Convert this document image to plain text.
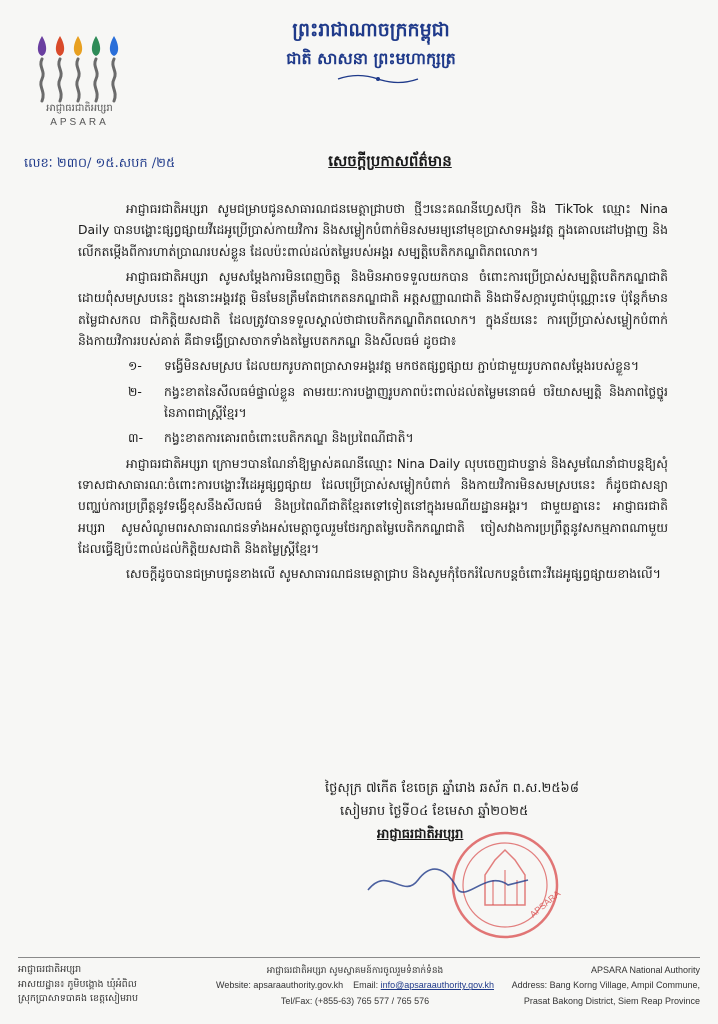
អាជ្ញាធរជាតិអប្សរា
APSARA
ព្រះរាជាណាចក្រកម្ពុជា
ជាតិ សាសនា ព្រះមហាក្សត្រ
លេខៈ ២៣០/ ១៥.សបក /២៥	សេចក្តីប្រកាសព័ត៌មាន

អាជ្ញាធរជាតិអប្សរា សូមជម្រាបជូនសាធារណជនមេត្តាជ្រាបថា ថ្មីៗនេះគណនីហ្វេសប៊ុក និង TikTok ឈ្មោះ Nina Daily បានបង្ហោះផ្សព្វផ្សាយវីដេអូប្រើប្រាស់កាយវិការ និងសម្លៀកបំពាក់មិនសមរម្យនៅមុខប្រាសាទអង្គរវត្ត ក្នុងគោលដៅបង្អាញ និងលើកតម្កើងពីការហាត់ប្រាណរបស់ខ្លួន ដែលប៉ះពាល់ដល់តម្លៃរបស់អង្គរ សម្បត្តិបេតិកភណ្ឌពិភពលោក។

អាជ្ញាធរជាតិអប្សរា សូមសម្តែងការមិនពេញចិត្ត និងមិនអាចទទួលយកបាន ចំពោះការប្រើប្រាស់សម្បត្តិបេតិកភណ្ឌជាតិដោយពុំសមស្របនេះ ក្នុងនោះអង្គរវត្ត មិនមែនត្រឹមតែជាកេតនភណ្ឌជាតិ អត្តសញ្ញាណជាតិ និងជាទីសក្ការបូជាប៉ុណ្ណោះទេ ប៉ុន្តែក៏មានតម្លៃជាសកល ជាកិត្តិយសជាតិ ដែលត្រូវបានទទួលស្គាល់ថាជាបេតិកភណ្ឌពិភពលោក។ ក្នុងន័យនេះ ការប្រើប្រាស់សម្លៀកបំពាក់ និងកាយវិការរបស់គាត់ គឺជាទង្វើប្រាសចាកទាំងតម្លៃបេតកភណ្ឌ និងសីលធម៌ ដូចជា៖

១- ទង្វើមិនសមស្រប ដែលយករូបភាពប្រាសាទអង្គរវត្ត មកថតផ្សព្វផ្សាយ ភ្ជាប់ជាមួយរូបភាពសម្តែងរបស់ខ្លួន។

២- កង្វះខាតនៃសីលធម៌ផ្ទាល់ខ្លួន តាមរយៈការបង្ហាញរូបភាពប៉ះពាល់ដល់តម្លៃមនោធម៌ ចរិយាសម្បត្តិ និងភាពថ្លៃថ្នូរនៃភាពជាស្ត្រីខ្មែរ។

៣- កង្វះខាតការគោរពចំពោះបេតិកភណ្ឌ និងប្រពៃណីជាតិ។

អាជ្ញាធរជាតិអប្សរា ក្រោមៗបានណែនាំឱ្យម្ចាស់គណនីឈ្មោះ Nina Daily លុបចេញជាបន្ទាន់ និងសូមណែនាំជាបន្តឱ្យសុំទោសជាសាធារណៈចំពោះការបង្ហោះវីដេអូផ្សព្វផ្សាយ ដែលប្រើប្រាស់សម្លៀកបំពាក់ និងកាយវិការមិនសមស្របនេះ ក៏ដូចជាសន្យាបញ្ឈប់ការប្រព្រឹត្តនូវទង្វើខុសនឹងសីលធម៌ និងប្រពៃណីជាតិខ្មែរតទៅទៀតនៅក្នុងរមណីយដ្ឋានអង្គរ។ ជាមួយគ្នានេះ អាជ្ញាធរជាតិអប្សរា សូមសំណូមពរសាធារណជនទាំងអស់មេត្តាចូលរួមថែរក្សាតម្លៃបេតិកភណ្ឌជាតិ ចៀសវាងការប្រព្រឹត្តនូវសកម្មភាពណាមួយដែលធ្វើឱ្យប៉ះពាល់ដល់កិត្តិយសជាតិ និងតម្លៃស្ត្រីខ្មែរ។

សេចក្តីដូចបានជម្រាបជូនខាងលើ សូមសាធារណជនមេត្តាជ្រាប និងសូមកុំចែករំលែកបន្តចំពោះវីដេអូផ្សព្វផ្សាយខាងលើ។

ថ្ងៃសុក្រ ៧កើត ខែចេត្រ ឆ្នាំរោង ឆស័ក ព.ស.២៥៦៨
សៀមរាប ថ្ងៃទី០៤ ខែមេសា ឆ្នាំ២០២៥
អាជ្ញាធរជាតិអប្សរា
APSARA
អាជ្ញាធរជាតិអប្សរា
អាសយដ្ឋាន៖ ភូមិបង្គោង ឃុំអំពិល
ស្រុកប្រាសាទបាគង ខេត្តសៀមរាប
អាជ្ញាធរជាតិអប្សរា សូមស្វាគមន៍ការចូលរួមទំនាក់ទំនង
Website: apsaraauthority.gov.kh Email: info@apsaraauthority.gov.kh
Tel/Fax: (+855-63) 765 577 / 765 576
APSARA National Authority
Address: Bang Korng Village, Ampil Commune,
Prasat Bakong District, Siem Reap Province
